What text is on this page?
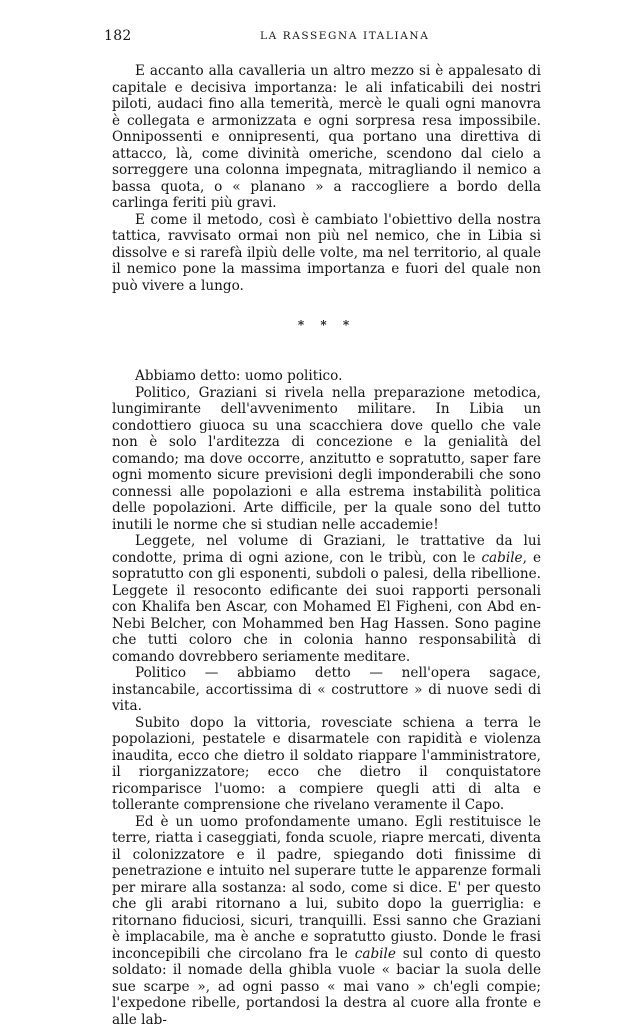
182	LA RASSEGNA ITALIANA

E accanto alla cavalleria un altro mezzo si è appalesato di capitale e decisiva importanza: le ali infaticabili dei nostri piloti, audaci fino alla temerità, mercè le quali ogni manovra è collegata e armonizzata e ogni sorpresa resa impossibile. Onnipossenti e onnipresenti, qua portano una direttiva di attacco, là, come divinità omeriche, scendono dal cielo a sorreggere una colonna impegnata, mitragliando il nemico a bassa quota, o « planano » a raccogliere a bordo della carlinga feriti più gravi.

E come il metodo, così è cambiato l'obiettivo della nostra tattica, ravvisato ormai non più nel nemico, che in Libia si dissolve e si rarefà ilpiù delle volte, ma nel territorio, al quale il nemico pone la massima importanza e fuori del quale non può vivere a lungo.

* * *

Abbiamo detto: uomo politico.

Politico, Graziani si rivela nella preparazione metodica, lungimirante dell'avvenimento militare. In Libia un condottiero giuoca su una scacchiera dove quello che vale non è solo l'arditezza di concezione e la genialità del comando; ma dove occorre, anzitutto e sopratutto, saper fare ogni momento sicure previsioni degli imponderabili che sono connessi alle popolazioni e alla estrema instabilità politica delle popolazioni. Arte difficile, per la quale sono del tutto inutili le norme che si studian nelle accademie!

Leggete, nel volume di Graziani, le trattative da lui condotte, prima di ogni azione, con le tribù, con le cabile, e sopratutto con gli esponenti, subdoli o palesi, della ribellione. Leggete il resoconto edificante dei suoi rapporti personali con Khalifa ben Ascar, con Mohamed El Figheni, con Abd en-Nebi Belcher, con Mohammed ben Hag Hassen. Sono pagine che tutti coloro che in colonia hanno responsabilità di comando dovrebbero seriamente meditare.

Politico — abbiamo detto — nell'opera sagace, instancabile, accortissima di « costruttore » di nuove sedi di vita.

Subito dopo la vittoria, rovesciate schiena a terra le popolazioni, pestatele e disarmatele con rapidità e violenza inaudita, ecco che dietro il soldato riappare l'amministratore, il riorganizzatore; ecco che dietro il conquistatore ricomparisce l'uomo: a compiere quegli atti di alta e tollerante comprensione che rivelano veramente il Capo.

Ed è un uomo profondamente umano. Egli restituisce le terre, riatta i caseggiati, fonda scuole, riapre mercati, diventa il colonizzatore e il padre, spiegando doti finissime di penetrazione e intuito nel superare tutte le apparenze formali per mirare alla sostanza: al sodo, come si dice. E' per questo che gli arabi ritornano a lui, subito dopo la guerriglia: e ritornano fiduciosi, sicuri, tranquilli. Essi sanno che Graziani è implacabile, ma è anche e sopratutto giusto. Donde le frasi inconcepibili che circolano fra le cabile sul conto di questo soldato: il nomade della ghibla vuole « baciar la suola delle sue scarpe », ad ogni passo « mai vano » ch'egli compie; l'expedone ribelle, portandosi la destra al cuore alla fronte e alle lab-
